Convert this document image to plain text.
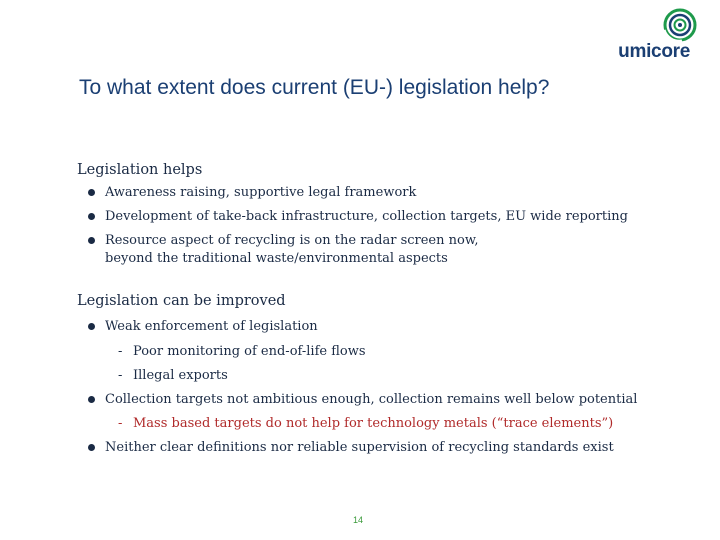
umicore
To what extent does current (EU-) legislation help?
Legislation helps
Awareness raising, supportive legal framework
Development of take-back infrastructure, collection targets, EU wide reporting
Resource aspect of recycling is on the radar screen now,
beyond the traditional waste/environmental aspects
Legislation can be improved
Weak enforcement of legislation
- Poor monitoring of end-of-life flows
- Illegal exports
Collection targets not ambitious enough, collection remains well below potential
- Mass based targets do not help for technology metals (“trace elements”)
Neither clear definitions nor reliable supervision of recycling standards exist
14
